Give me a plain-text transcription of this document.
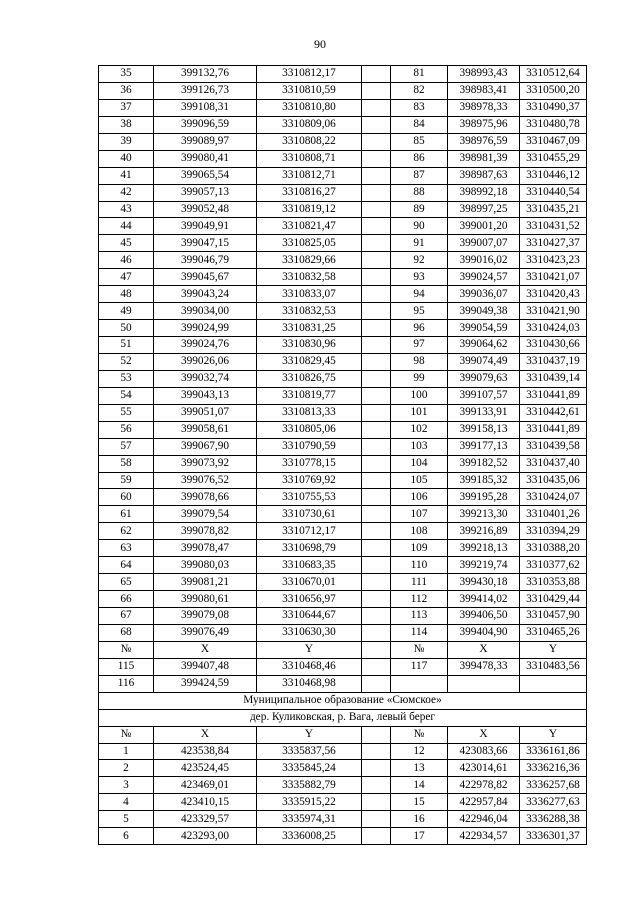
90
35	399132,76	3310812,17		81	398993,43	3310512,64
36	399126,73	3310810,59		82	398983,41	3310500,20
37	399108,31	3310810,80		83	398978,33	3310490,37
38	399096,59	3310809,06		84	398975,96	3310480,78
39	399089,97	3310808,22		85	398976,59	3310467,09
40	399080,41	3310808,71		86	398981,39	3310455,29
41	399065,54	3310812,71		87	398987,63	3310446,12
42	399057,13	3310816,27		88	398992,18	3310440,54
43	399052,48	3310819,12		89	398997,25	3310435,21
44	399049,91	3310821,47		90	399001,20	3310431,52
45	399047,15	3310825,05		91	399007,07	3310427,37
46	399046,79	3310829,66		92	399016,02	3310423,23
47	399045,67	3310832,58		93	399024,57	3310421,07
48	399043,24	3310833,07		94	399036,07	3310420,43
49	399034,00	3310832,53		95	399049,38	3310421,90
50	399024,99	3310831,25		96	399054,59	3310424,03
51	399024,76	3310830,96		97	399064,62	3310430,66
52	399026,06	3310829,45		98	399074,49	3310437,19
53	399032,74	3310826,75		99	399079,63	3310439,14
54	399043,13	3310819,77		100	399107,57	3310441,89
55	399051,07	3310813,33		101	399133,91	3310442,61
56	399058,61	3310805,06		102	399158,13	3310441,89
57	399067,90	3310790,59		103	399177,13	3310439,58
58	399073,92	3310778,15		104	399182,52	3310437,40
59	399076,52	3310769,92		105	399185,32	3310435,06
60	399078,66	3310755,53		106	399195,28	3310424,07
61	399079,54	3310730,61		107	399213,30	3310401,26
62	399078,82	3310712,17		108	399216,89	3310394,29
63	399078,47	3310698,79		109	399218,13	3310388,20
64	399080,03	3310683,35		110	399219,74	3310377,62
65	399081,21	3310670,01		111	399430,18	3310353,88
66	399080,61	3310656,97		112	399414,02	3310429,44
67	399079,08	3310644,67		113	399406,50	3310457,90
68	399076,49	3310630,30		114	399404,90	3310465,26
№	X	Y		№	X	Y
115	399407,48	3310468,46		117	399478,33	3310483,56
116	399424,59	3310468,98				
Муниципальное образование «Сюмское»						
дер. Куликовская, р. Вага, левый берег						
№	X	Y		№	X	Y
1	423538,84	3335837,56		12	423083,66	3336161,86
2	423524,45	3335845,24		13	423014,61	3336216,36
3	423469,01	3335882,79		14	422978,82	3336257,68
4	423410,15	3335915,22		15	422957,84	3336277,63
5	423329,57	3335974,31		16	422946,04	3336288,38
6	423293,00	3336008,25		17	422934,57	3336301,37
